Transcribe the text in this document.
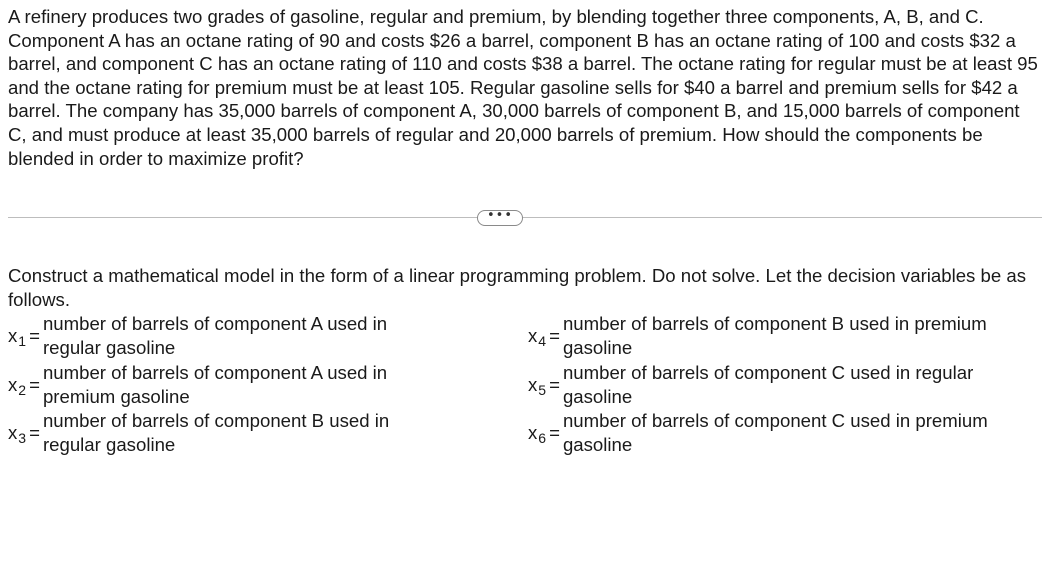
A refinery produces two grades of gasoline, regular and premium, by blending together three components, A, B, and C. Component A has an octane rating of 90 and costs $26 a barrel, component B has an octane rating of 100 and costs $32 a barrel, and component C has an octane rating of 110 and costs $38 a barrel. The octane rating for regular must be at least 95 and the octane rating for premium must be at least 105. Regular gasoline sells for $40 a barrel and premium sells for $42 a barrel. The company has 35,000 barrels of component A, 30,000 barrels of component B, and 15,000 barrels of component C, and must produce at least 35,000 barrels of regular and 20,000 barrels of premium. How should the components be blended in order to maximize profit?

•••

Construct a mathematical model in the form of a linear programming problem. Do not solve. Let the decision variables be as follows.

x 1 =
number of barrels of component A used in regular gasoline
x 2 =
number of barrels of component A used in premium gasoline
x 3 =
number of barrels of component B used in regular gasoline
x 4 =
number of barrels of component B used in premium gasoline
x 5 =
number of barrels of component C used in regular gasoline
x 6 =
number of barrels of component C used in premium gasoline
